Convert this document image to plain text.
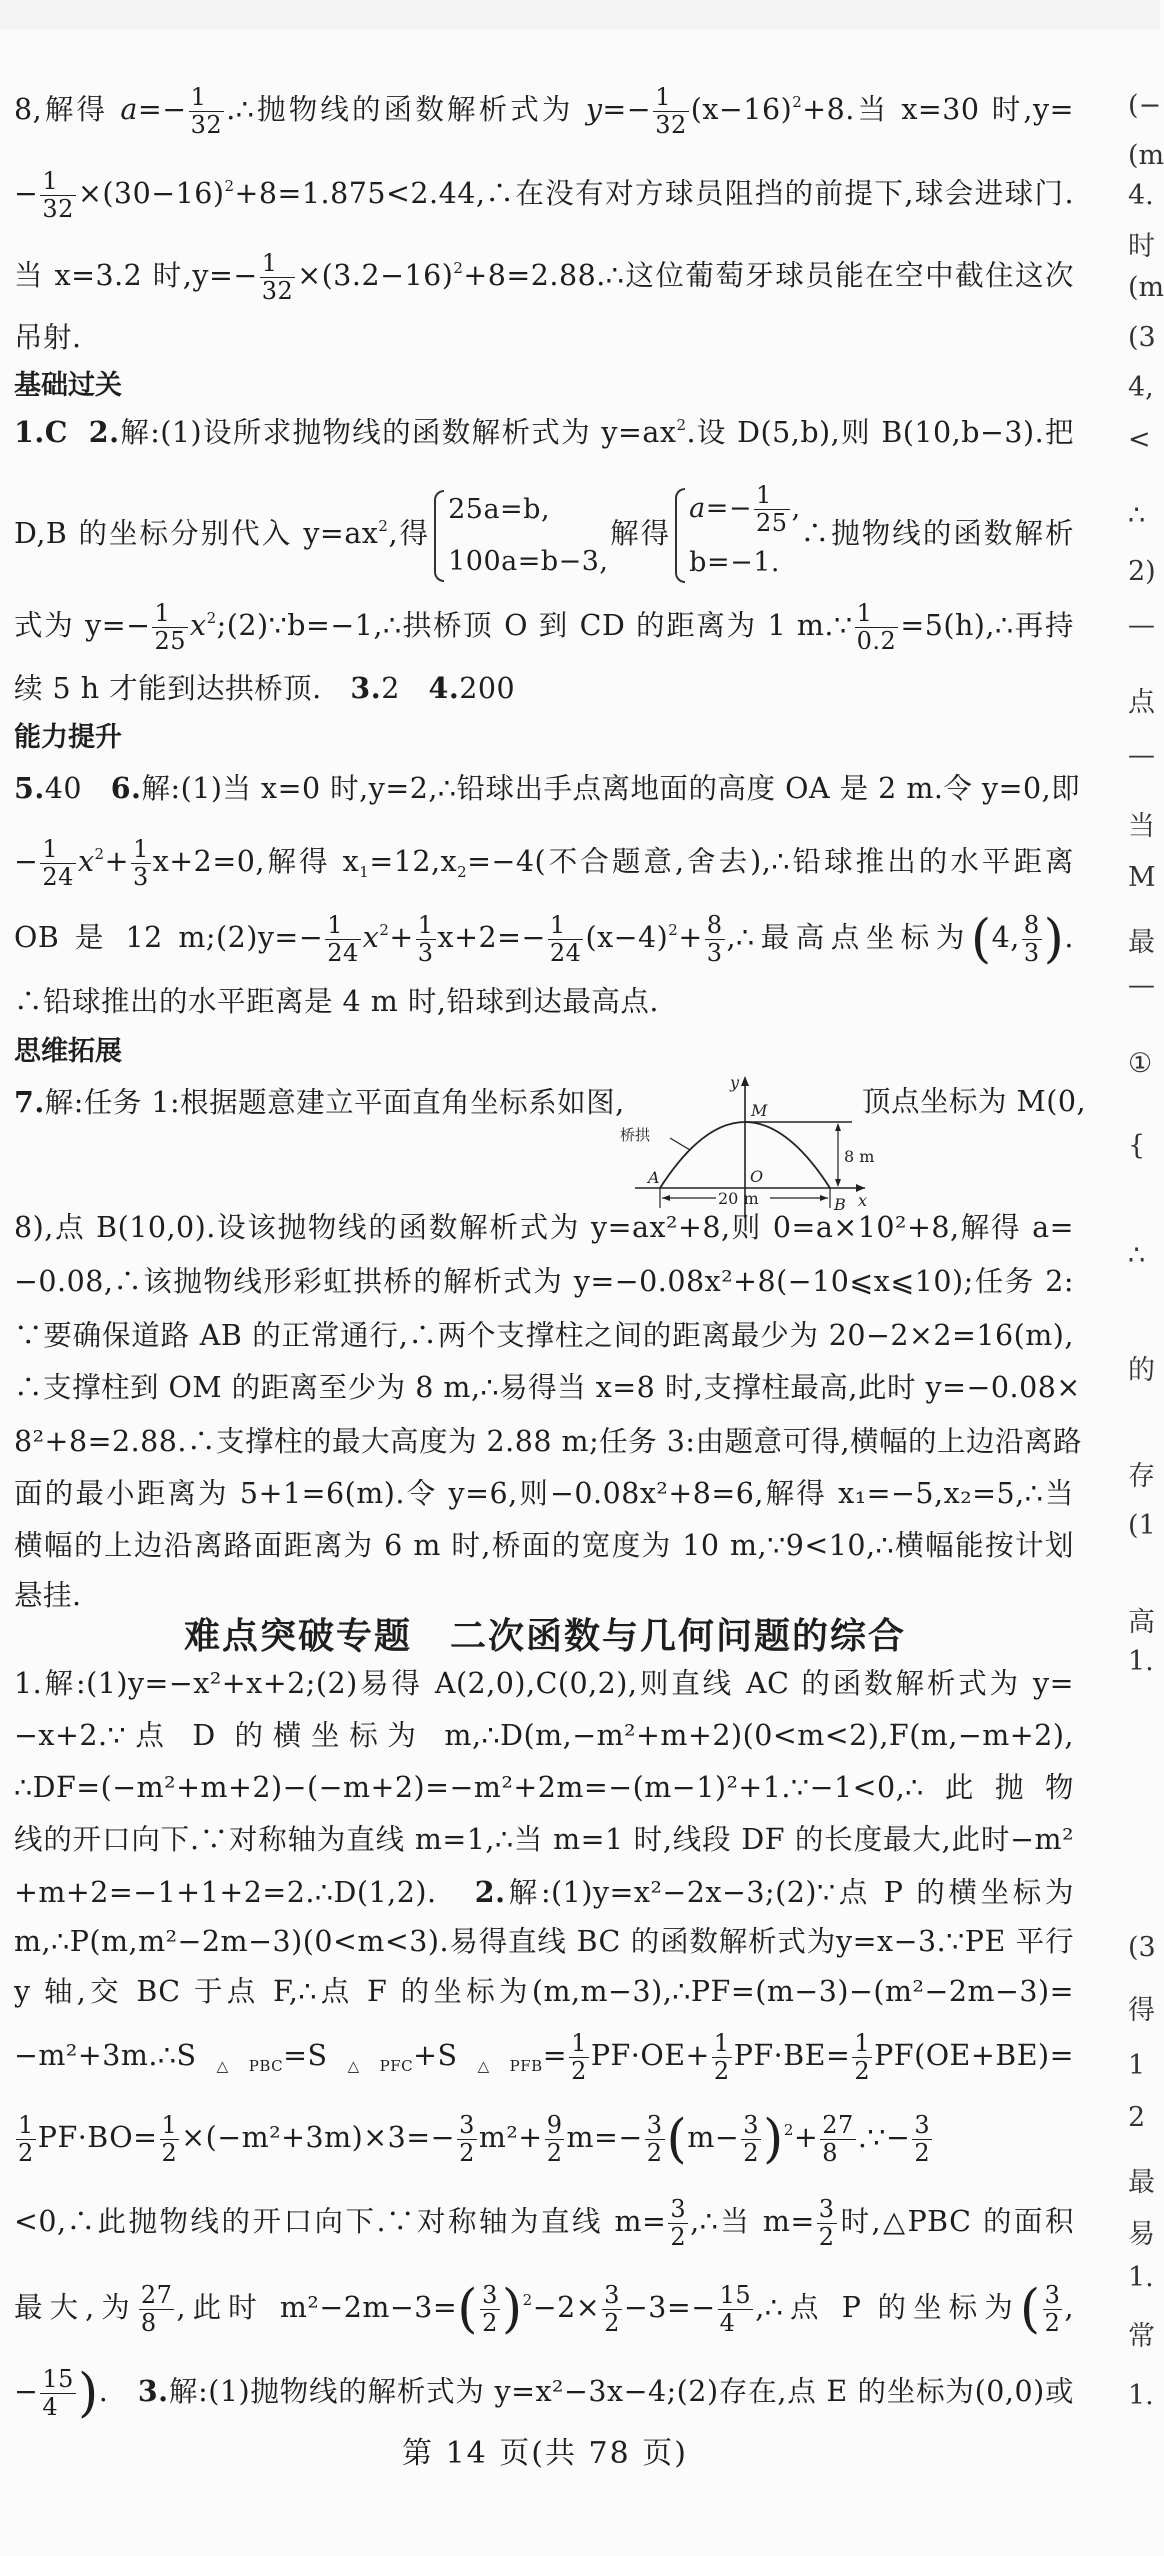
8,解得 $a=- \frac{1}{32}$ .∴抛物线的函数解析式为 $y=- \frac{1}{32} (x-16)^2+8$.当 x=30 时,y=
− $\frac{1}{32}$ $\times(30-16)^2+8=1.875<2.44,\therefore$在没有对方球员阻挡的前提下,球会进球门.
当 x=3.2 时$,y=- \frac{1}{32}$ $\times(3.2-16)^2+8=2.88.\therefore$这位葡萄牙球员能在空中截住这次
吊射.
基础过关
1.C 2.解:(1)设所求抛物线的函数解析式为 $y=ax^2$.设 D(5,b),则 B(10,b−3).把
D,B 的坐标分别代入 $y=ax^2$,得
25a=b,
100a=b−3,
解得
$a=- \frac{1}{25}$ ,
b=−1.
∴抛物线的函数解析
式为 $y=- \frac{1}{25}$ $x^2;(2)\because b=-1,\therefore$拱桥顶 O 到 CD 的距离为 1 m.∵ $\frac{1}{0.2}$ =5(h),∴再持
续 5 h 才能到达拱桥顶. 3.2 4.200
能力提升
5.40 6.解:(1)当 x=0 时,y=2,∴铅球出手点离地面的高度 OA 是 2 m.令 y=0,即
− $\frac{1}{24} x^2+ \frac{1}{3} x+2=0$,解得 $x_1=12,x_2=-4$(不合题意,舍去),∴铅球推出的水平距离
OB 是 12 m;(2)y=− $\frac{1}{24} x^2+ \frac{1}{3} x+2=- \frac{1}{24} (x-4)^2+ \frac{8}{3}$ ,∴最高点坐标为(4, $\frac{8}{3}$ ).
∴铅球推出的水平距离是 4 m 时,铅球到达最高点.
思维拓展
7.解:任务 1:根据题意建立平面直角坐标系如图,	顶点坐标为 M(0,
y
M
桥拱
8 m
A	O
20 m	B x
8),点 B(10,0).设该抛物线的函数解析式为 y=ax²+8,则 0=a×10²+8,解得 a=
−0.08,∴该抛物线形彩虹拱桥的解析式为 y=−0.08x²+8(−10⩽x⩽10);任务 2:
∵要确保道路 AB 的正常通行,∴两个支撑柱之间的距离最少为 20−2×2=16(m),
∴支撑柱到 OM 的距离至少为 8 m,∴易得当 x=8 时,支撑柱最高,此时 y=−0.08×
8²+8=2.88.∴支撑柱的最大高度为 2.88 m;任务 3:由题意可得,横幅的上边沿离路
面的最小距离为 5+1=6(m).令 y=6,则−0.08x²+8=6,解得 x₁=−5,x₂=5,∴当
横幅的上边沿离路面距离为 6 m 时,桥面的宽度为 10 m,∵9<10,∴横幅能按计划
悬挂.
难点突破专题　二次函数与几何问题的综合
1.解:(1)y=−x²+x+2;(2)易得 A(2,0),C(0,2),则直线 AC 的函数解析式为 y=
−x+2.∵点 D 的横坐标为 m,∴D(m,−m²+m+2)(0<m<2),F(m,−m+2),
∴DF=(−m²+m+2)−(−m+2)=−m²+2m=−(m−1)²+1.∵−1<0,∴此抛物
线的开口向下.∵对称轴为直线 m=1,∴当 m=1 时,线段 DF 的长度最大,此时−m²
+m+2=−1+1+2=2.∴D(1,2). 2.解:(1)y=x²−2x−3;(2)∵点 P 的横坐标为
m,∴P(m,m²−2m−3)(0<m<3).易得直线 BC 的函数解析式为y=x−3.∵PE 平行
y 轴,交 BC 于点 F,∴点 F 的坐标为(m,m−3),∴PF=(m−3)−(m²−2m−3)=
$-m^2+3m.\therefore S_{\triangle PBC}=S_{\triangle PFC}+S_{\triangle PFB}= \frac{1}{2} PF\cdot OE+ \frac{1}{2} PF\cdot BE= \frac{1}{2} PF(OE+BE)=$
$\frac{1}{2} PF\cdot BO= \frac{1}{2} \times(-m^2+3m)\times 3=- \frac{3}{2} m^2+ \frac{9}{2} m=- \frac{3}{2} (m- \frac{3}{2} )^2+ \frac{27}{8}$ .∵− $\frac{3}{2}$
<0,∴此抛物线的开口向下.∵对称轴为直线 $m= \frac{3}{2}$ ,∴当 $m= \frac{3}{2}$ 时,△PBC 的面积
最大,为 $\frac{27}{8}$ ,此时 $m^2-2m-3=( \frac{3}{2} )^2-2\times \frac{3}{2} -3=- \frac{15}{4}$ ,∴点 P 的坐标为( $\frac{3}{2}$ ,
− $\frac{15}{4}$ ). 3.解:(1)抛物线的解析式为 y=x²−3x−4;(2)存在,点 E 的坐标为(0,0)或
第 14 页(共 78 页)
(−
(m
4.
时
(m
(3
4,
<
∴
2)
—
点
—
当
M
最
—
①
{
∴
的
存
(1
高
1.
(3
得
1
2
最
易
1.
常
1.
